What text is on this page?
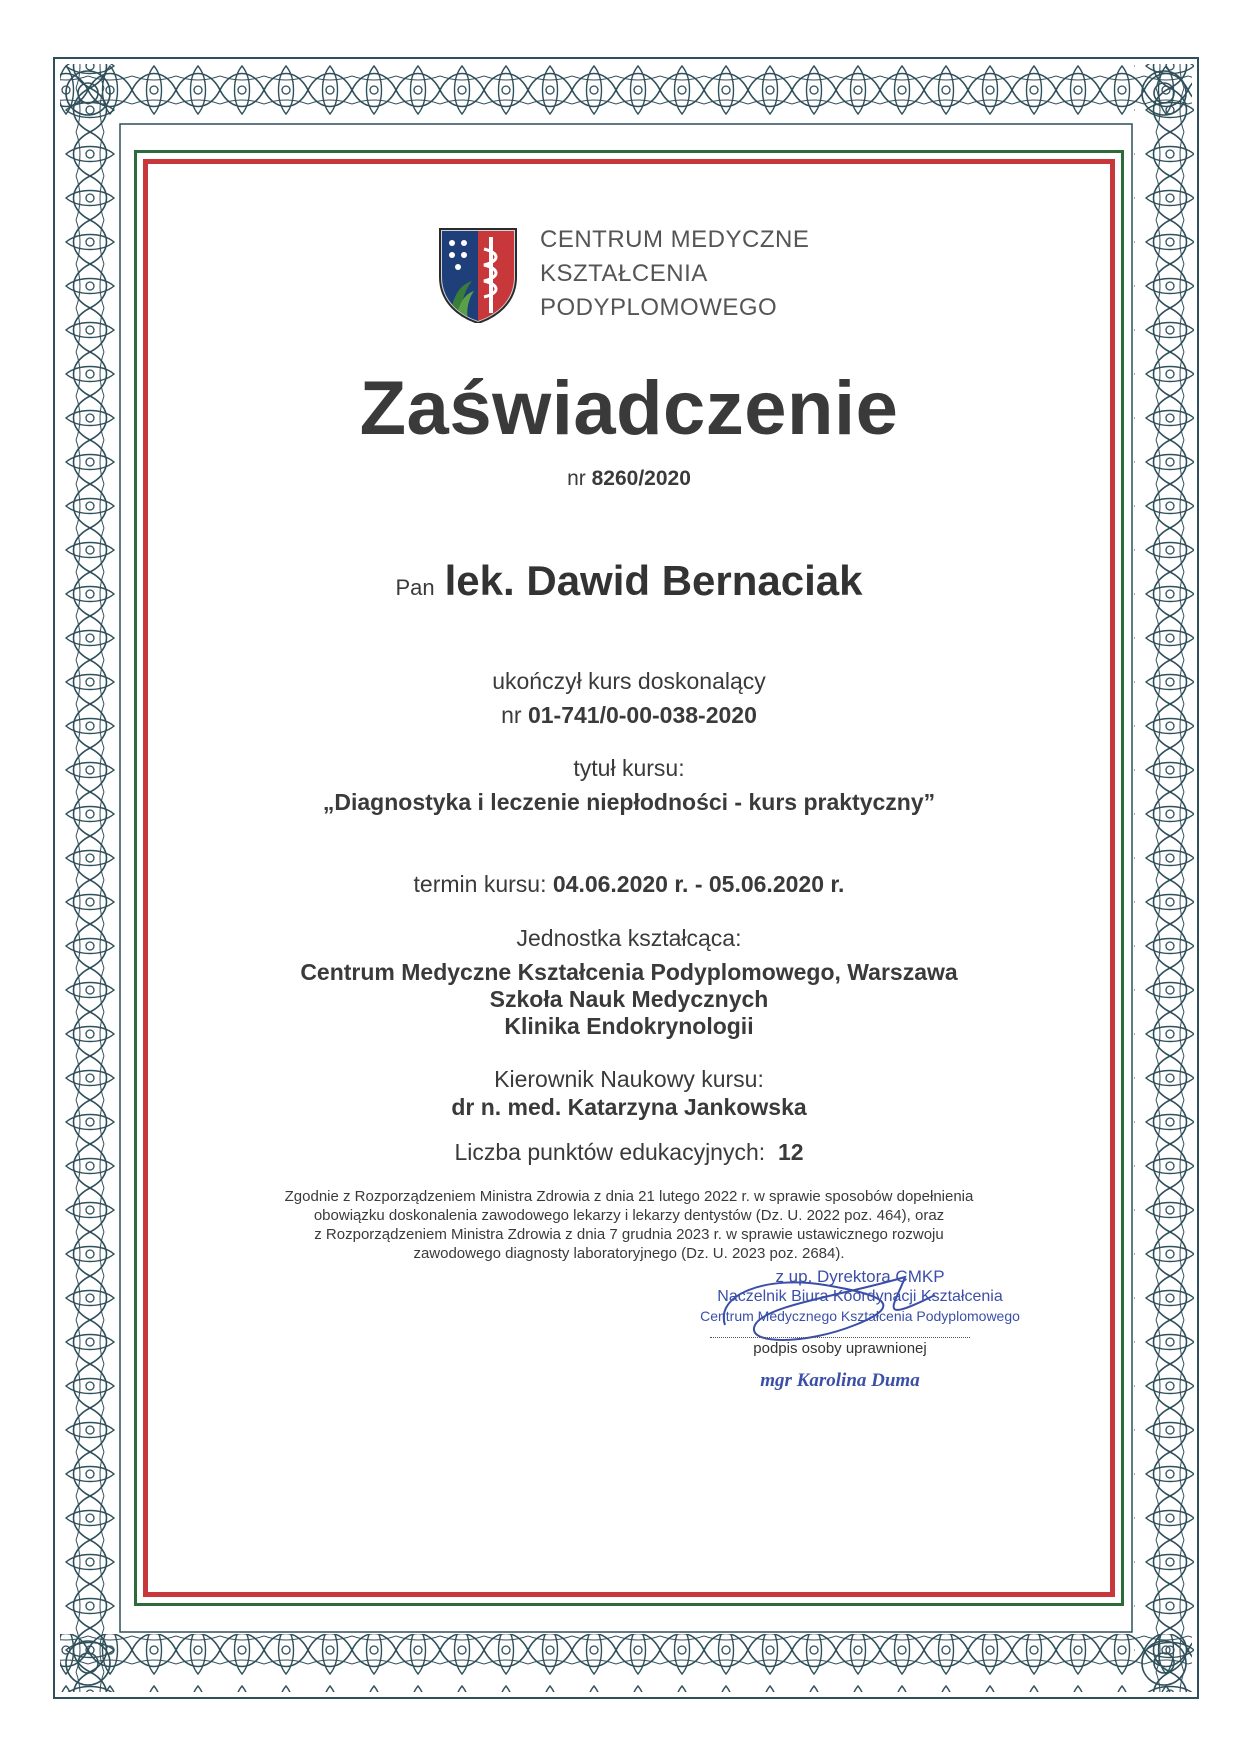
CENTRUM MEDYCZNE
KSZTAŁCENIA
PODYPLOMOWEGO
Zaświadczenie
nr 8260/2020
Pan lek. Dawid Bernaciak
ukończył kurs doskonalący
nr 01-741/0-00-038-2020
tytuł kursu:
„Diagnostyka i leczenie niepłodności - kurs praktyczny”
termin kursu: 04.06.2020 r. - 05.06.2020 r.
Jednostka kształcąca:
Centrum Medyczne Kształcenia Podyplomowego, Warszawa
Szkoła Nauk Medycznych
Klinika Endokrynologii
Kierownik Naukowy kursu:
dr n. med. Katarzyna Jankowska
Liczba punktów edukacyjnych: 12
Zgodnie z Rozporządzeniem Ministra Zdrowia z dnia 21 lutego 2022 r. w sprawie sposobów dopełnienia
obowiązku doskonalenia zawodowego lekarzy i lekarzy dentystów (Dz. U. 2022 poz. 464), oraz
z Rozporządzeniem Ministra Zdrowia z dnia 7 grudnia 2023 r. w sprawie ustawicznego rozwoju
zawodowego diagnosty laboratoryjnego (Dz. U. 2023 poz. 2684).
z up. Dyrektora CMKP
Naczelnik Biura Koordynacji Kształcenia
Centrum Medycznego Kształcenia Podyplomowego
podpis osoby uprawnionej
mgr Karolina Duma
